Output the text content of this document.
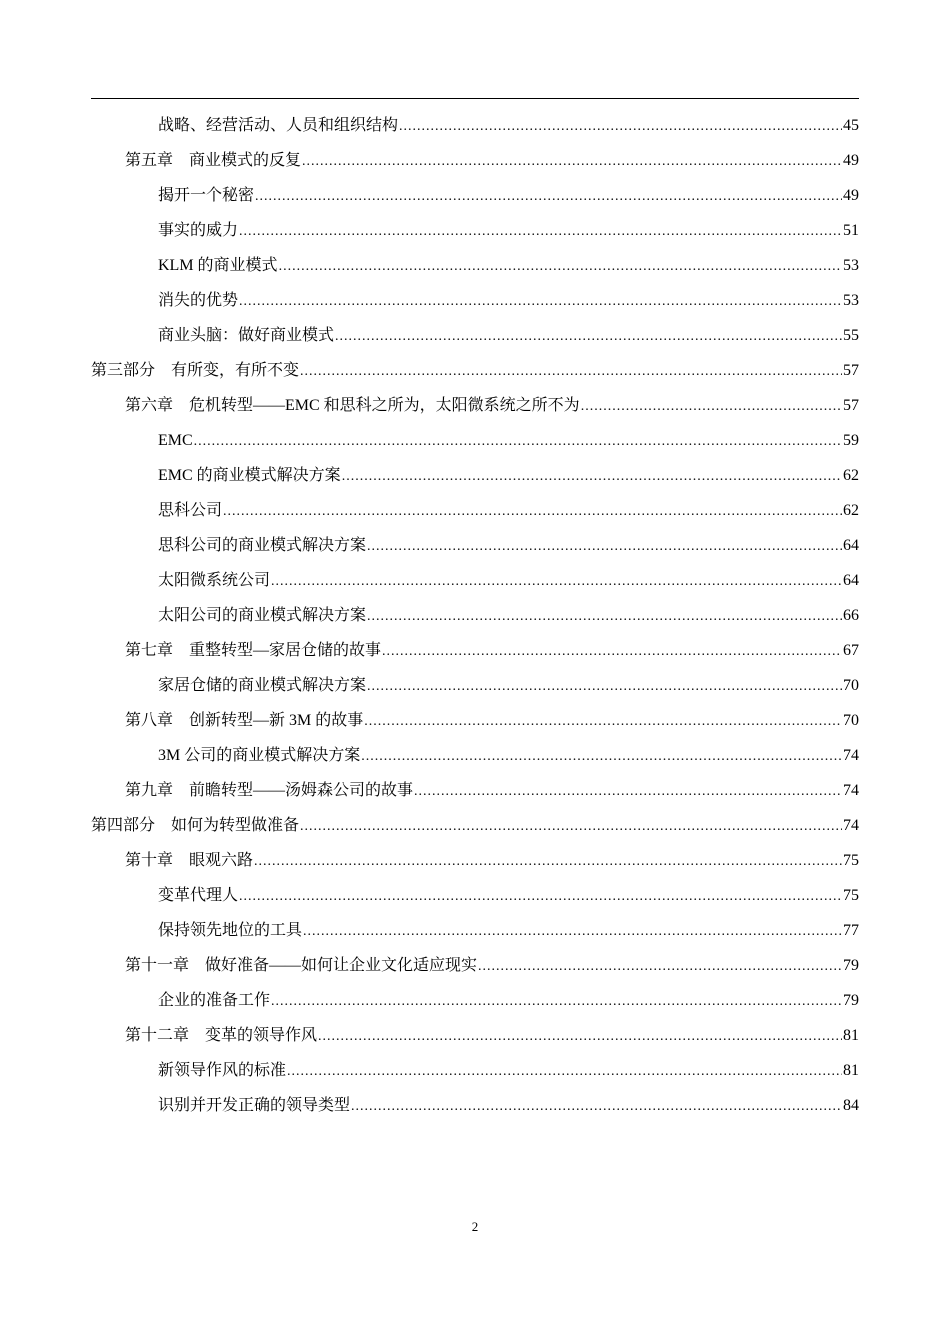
战略、经营活动、人员和组织结构 .....	45
第五章　商业模式的反复 .....	49
揭开一个秘密 .....	49
事实的威力 .....	51
KLM 的商业模式 .....	53
消失的优势 .....	53
商业头脑：做好商业模式 .....	55
第三部分　有所变，有所不变 .....	57
第六章　危机转型——EMC 和思科之所为，太阳微系统之所不为 .....	57
EMC .....	59
EMC 的商业模式解决方案 .....	62
思科公司 .....	62
思科公司的商业模式解决方案 .....	64
太阳微系统公司 .....	64
太阳公司的商业模式解决方案 .....	66
第七章　重整转型—家居仓储的故事 .....	67
家居仓储的商业模式解决方案 .....	70
第八章　创新转型—新 3M 的故事 .....	70
3M 公司的商业模式解决方案 .....	74
第九章　前瞻转型——汤姆森公司的故事 .....	74
第四部分　如何为转型做准备 .....	74
第十章　眼观六路 .....	75
变革代理人 .....	75
保持领先地位的工具 .....	77
第十一章　做好准备——如何让企业文化适应现实 .....	79
企业的准备工作 .....	79
第十二章　变革的领导作风 .....	81
新领导作风的标准 .....	81
识别并开发正确的领导类型 .....	84
2
